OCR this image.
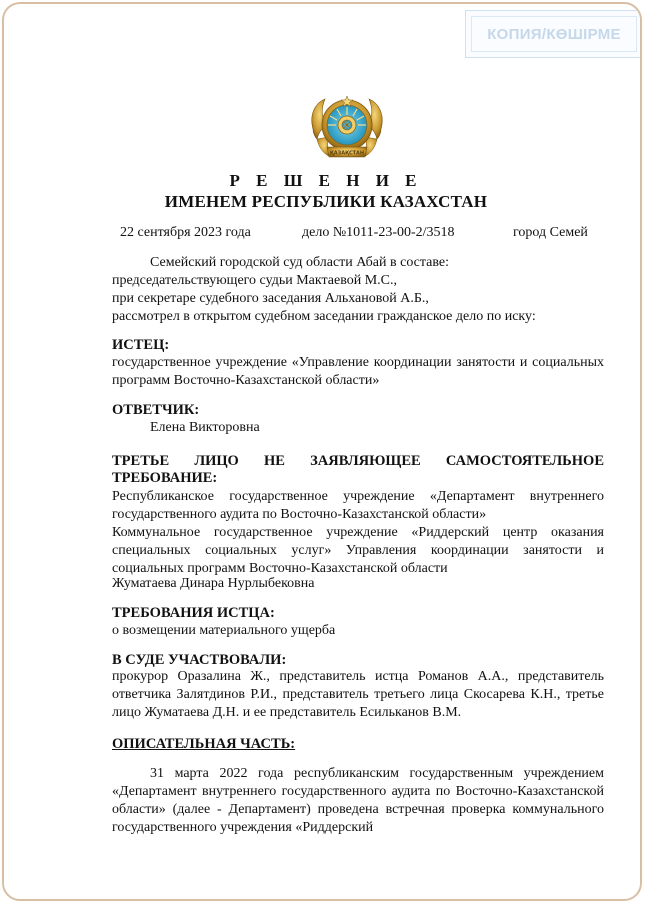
КОПИЯ/КӨШІРМЕ
ҚАЗАҚСТАН
Р Е Ш Е Н И Е
ИМЕНЕМ РЕСПУБЛИКИ КАЗАХСТАН
22 сентября 2023 года	дело №1011-23-00-2/3518	город Семей
Семейский городской суд области Абай в составе:
председательствующего судьи Мактаевой М.С.,
при секретаре судебного заседания Альхановой А.Б.,
рассмотрел в открытом судебном заседании гражданское дело по иску:
ИСТЕЦ:
государственное учреждение «Управление координации занятости и социальных программ Восточно-Казахстанской области»
ОТВЕТЧИК:
Елена Викторовна
ТРЕТЬЕ ЛИЦО НЕ ЗАЯВЛЯЮЩЕЕ САМОСТОЯТЕЛЬНОЕ
ТРЕБОВАНИЕ:
Республиканское государственное учреждение «Департамент внутреннего государственного аудита по Восточно-Казахстанской области»
Коммунальное государственное учреждение «Риддерский центр оказания специальных социальных услуг» Управления координации занятости и социальных программ Восточно-Казахстанской области
Жуматаева Динара Нурлыбековна
ТРЕБОВАНИЯ ИСТЦА:
о возмещении материального ущерба
В СУДЕ УЧАСТВОВАЛИ:
прокурор Оразалина Ж., представитель истца Романов А.А., представитель ответчика Залятдинов Р.И., представитель третьего лица Скосарева К.Н., третье лицо Жуматаева Д.Н. и ее представитель Есильканов В.М.
ОПИСАТЕЛЬНАЯ ЧАСТЬ:
31 марта 2022 года республиканским государственным учреждением «Департамент внутреннего государственного аудита по Восточно-Казахстанской области» (далее - Департамент) проведена встречная проверка коммунального государственного учреждения «Риддерский
